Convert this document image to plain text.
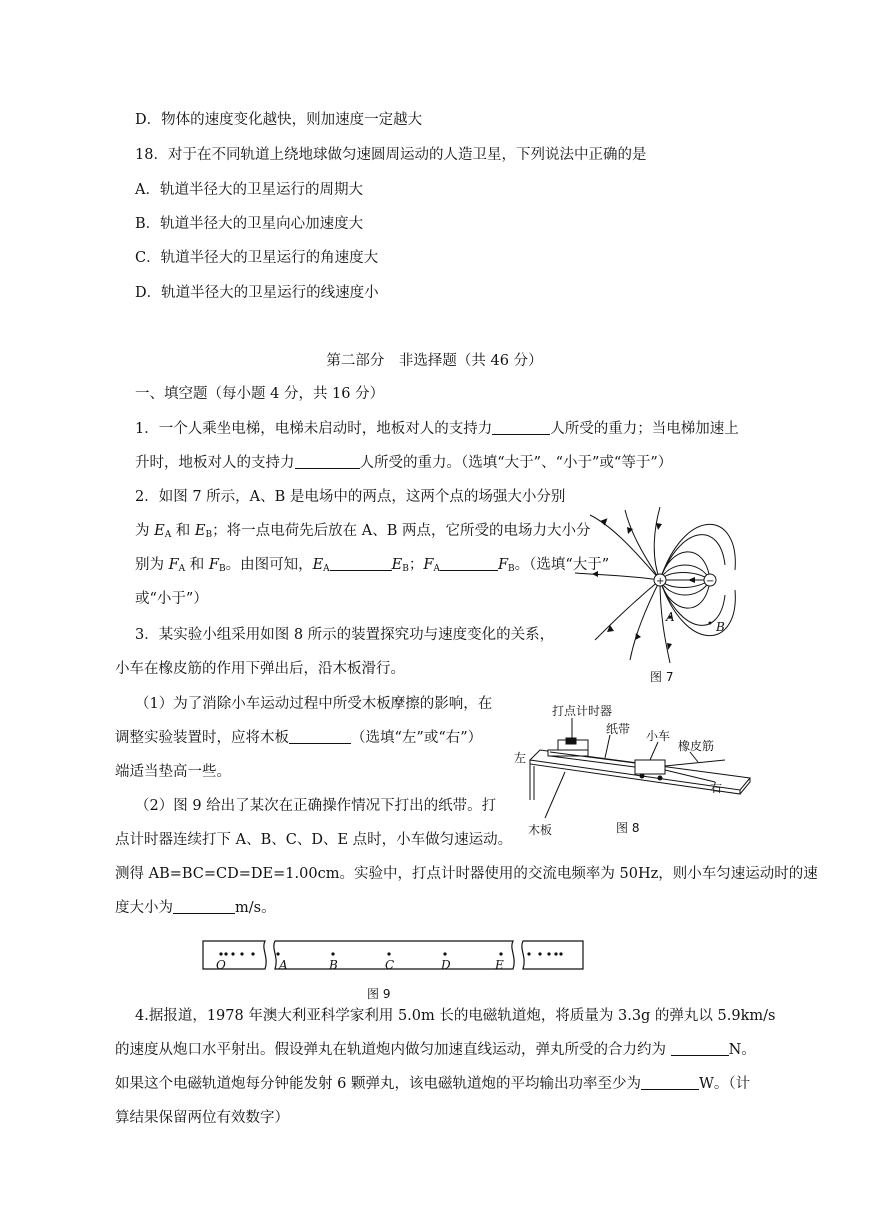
D．物体的速度变化越快，则加速度一定越大
18．对于在不同轨道上绕地球做匀速圆周运动的人造卫星，下列说法中正确的是
A．轨道半径大的卫星运行的周期大
B．轨道半径大的卫星向心加速度大
C．轨道半径大的卫星运行的角速度大
D．轨道半径大的卫星运行的线速度小
第二部分　非选择题（共 46 分）
一、填空题（每小题 4 分，共 16 分）
1．一个人乘坐电梯，电梯未启动时，地板对人的支持力	人所受的重力；当电梯加速上
升时，地板对人的支持力	人所受的重力。（选填“大于”、“小于”或“等于”）
2．如图 7 所示，A、B 是电场中的两点，这两个点的场强大小分别
为 $E_A$ 和 $E_B$；将一点电荷先后放在 A、B 两点，它所受的电场力大小分
别为 $F_A$ 和 $F_B$。由图可知，$E_A$	$E_B$；$F_A$	$F_B$。（选填“大于”
或“小于”）
+	−
A
B
图 7
3．某实验小组采用如图 8 所示的装置探究功与速度变化的关系，
小车在橡皮筋的作用下弹出后，沿木板滑行。
（1）为了消除小车运动过程中所受木板摩擦的影响，在
调整实验装置时，应将木板	（选填“左”或“右”）
端适当垫高一些。
（2）图 9 给出了某次在正确操作情况下打出的纸带。打
点计时器连续打下 A、B、C、D、E 点时，小车做匀速运动。
测得 AB=BC=CD=DE=1.00cm。实验中，打点计时器使用的交流电频率为 50Hz，则小车匀速运动时的速
度大小为	m/s。
打点计时器
纸带 小车
橡皮筋
左
右
木板	图 8
O	A	B	C	D	E
图 9
4.据报道，1978 年澳大利亚科学家利用 5.0m 长的电磁轨道炮，将质量为 3.3g 的弹丸以 5.9km/s
的速度从炮口水平射出。假设弹丸在轨道炮内做匀加速直线运动，弹丸所受的合力约为	N。
如果这个电磁轨道炮每分钟能发射 6 颗弹丸，该电磁轨道炮的平均输出功率至少为	W。（计
算结果保留两位有效数字）
